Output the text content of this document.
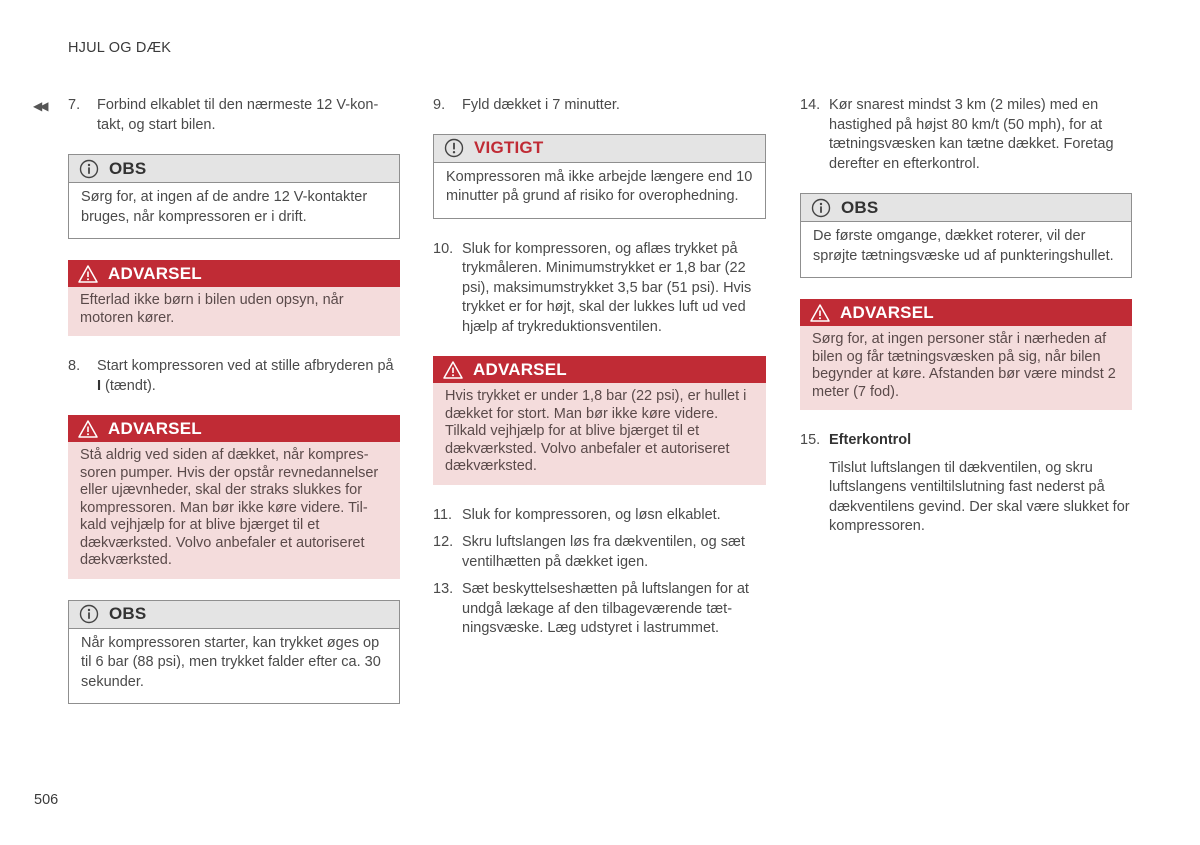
HJUL OG DÆK
◀◀ 7.	Forbind elkablet til den nærmeste 12 V-kontakt, og start bilen.
OBS
Sørg for, at ingen af de andre 12 V-kontakter bruges, når kompressoren er i drift.
ADVARSEL
Efterlad ikke børn i bilen uden opsyn, når motoren kører.
8.	Start kompressoren ved at stille afbryderen på I (tændt).
ADVARSEL
Stå aldrig ved siden af dækket, når kompressoren pumper. Hvis der opstår revnedannelser eller ujævnheder, skal der straks slukkes for kompressoren. Man bør ikke køre videre. Tilkald vejhjælp for at blive bjærget til et dækværksted. Volvo anbefaler et autoriseret dækværksted.
OBS
Når kompressoren starter, kan trykket øges op til 6 bar (88 psi), men trykket falder efter ca. 30 sekunder.
9.	Fyld dækket i 7 minutter.
VIGTIGT
Kompressoren må ikke arbejde længere end 10 minutter på grund af risiko for overophedning.
10. Sluk for kompressoren, og aflæs trykket på trykmåleren. Minimumstrykket er 1,8 bar (22 psi), maksimumstrykket 3,5 bar (51 psi). Hvis trykket er for højt, skal der lukkes luft ud ved hjælp af trykreduktionsventilen.
ADVARSEL
Hvis trykket er under 1,8 bar (22 psi), er hullet i dækket for stort. Man bør ikke køre videre. Tilkald vejhjælp for at blive bjærget til et dækværksted. Volvo anbefaler et autoriseret dækværksted.
11. Sluk for kompressoren, og løsn elkablet.
12. Skru luftslangen løs fra dækventilen, og sæt ventilhætten på dækket igen.
13. Sæt beskyttelseshætten på luftslangen for at undgå lækage af den tilbageværende tætningsvæske. Læg udstyret i lastrummet.
14. Kør snarest mindst 3 km (2 miles) med en hastighed på højst 80 km/t (50 mph), for at tætningsvæsken kan tætne dækket. Foretag derefter en efterkontrol.
OBS
De første omgange, dækket roterer, vil der sprøjte tætningsvæske ud af punkteringshullet.
ADVARSEL
Sørg for, at ingen personer står i nærheden af bilen og får tætningsvæsken på sig, når bilen begynder at køre. Afstanden bør være mindst 2 meter (7 fod).
15. Efterkontrol
Tilslut luftslangen til dækventilen, og skru luftslangens ventiltilslutning fast nederst på dækventilens gevind. Der skal være slukket for kompressoren.
506
